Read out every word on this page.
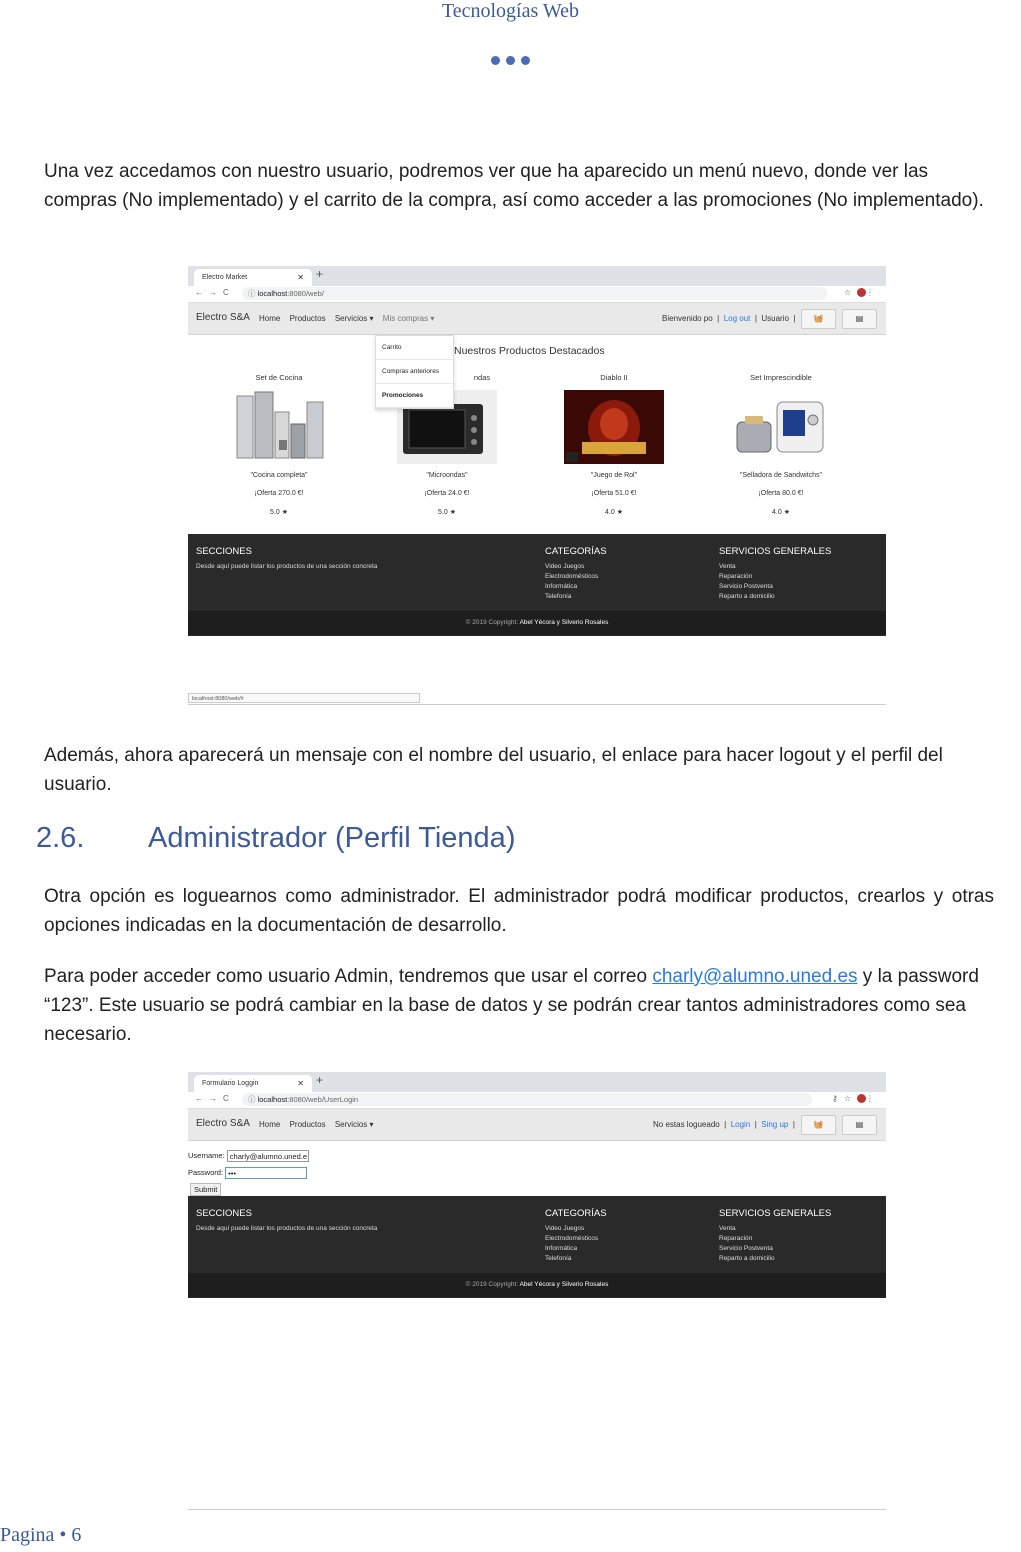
Tecnologías Web
Una vez accedamos con nuestro usuario, podremos ver que ha aparecido un menú nuevo, donde ver las compras (No implementado) y el carrito de la compra, así como acceder a las promociones (No implementado).
Electro Market	✕ +
←→C	ⓘ localhost:8080/web/	☆ ⋮
Electro S&A Home Productos Servicios ▾ Mis compras ▾	Bienvenido po  |  Log out  |  Usuario  |	🧺	▤
Carrito
Compras anteriores
Promociones
Nuestros Productos Destacados
Set de Cocina
"Cocina completa"
¡Oferta 270.0 €!
5.0 ★
ndas
"Microondas"
¡Oferta 24.0 €!
5.0 ★
Diablo II
"Juego de Rol"
¡Oferta 51.0 €!
4.0 ★
Set Imprescindible
"Selladora de Sandwitchs"
¡Oferta 80.0 €!
4.0 ★
SECCIONES
Desde aquí puede listar los productos de una sección concreta
CATEGORÍAS
Video Juegos
Electrodomésticos
Informática
Telefonía
SERVICIOS GENERALES
Venta
Reparación
Servicio Postventa
Reparto a domicilio
© 2019 Copyright: Abel Yécora y Silverio Rosales
localhost:8080/web/#
Además, ahora aparecerá un mensaje con el nombre del usuario, el enlace para hacer logout y el perfil del usuario.
2.6. Administrador (Perfil Tienda)
Otra opción es loguearnos como administrador. El administrador podrá modificar productos, crearlos y otras opciones indicadas en la documentación de desarrollo.
Para poder acceder como usuario Admin, tendremos que usar el correo charly@alumno.uned.es y la password “123”. Este usuario se podrá cambiar en la base de datos y se podrán crear tantos administradores como sea necesario.
Formulario Loggin	✕ +
←→C	ⓘ localhost:8080/web/UserLogin	⚷☆ ⋮
Electro S&A Home Productos Servicios ▾	No estas logueado  |  Login  |  Sing up  |	🧺	▤
Username: charly@alumno.uned.e
Password: •••
Submit
SECCIONES
Desde aquí puede listar los productos de una sección concreta
CATEGORÍAS
Video Juegos
Electrodomésticos
Informática
Telefonía
SERVICIOS GENERALES
Venta
Reparación
Servicio Postventa
Reparto a domicilio
© 2019 Copyright: Abel Yécora y Silverio Rosales
Pagina • 6
